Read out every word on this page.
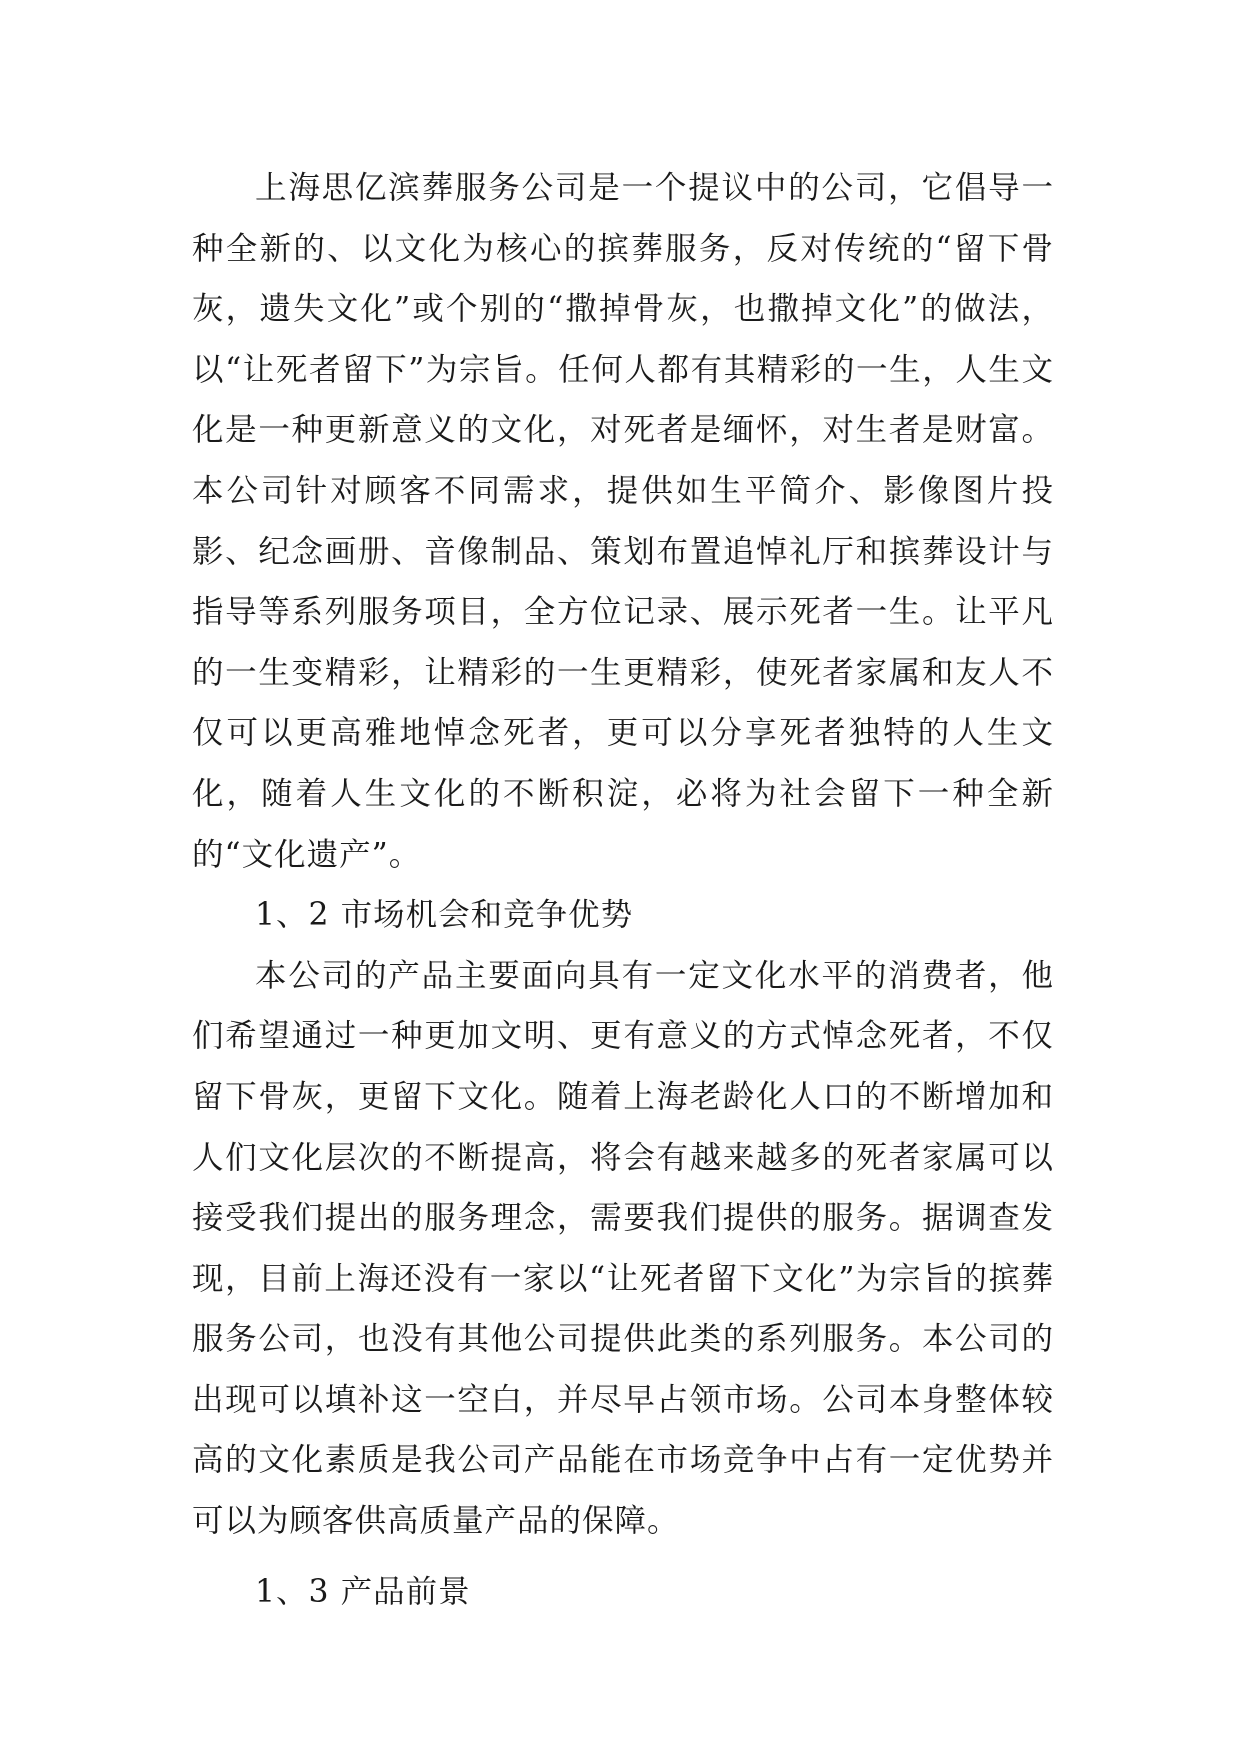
上海思亿滨葬服务公司是一个提议中的公司，它倡导一种全新的、以文化为核心的摈葬服务，反对传统的“留下骨灰，遗失文化”或个别的“撒掉骨灰，也撒掉文化”的做法，以“让死者留下”为宗旨。任何人都有其精彩的一生，人生文化是一种更新意义的文化，对死者是缅怀，对生者是财富。本公司针对顾客不同需求，提供如生平简介、影像图片投影、纪念画册、音像制品、策划布置追悼礼厅和摈葬设计与指导等系列服务项目，全方位记录、展示死者一生。让平凡的一生变精彩，让精彩的一生更精彩，使死者家属和友人不仅可以更高雅地悼念死者，更可以分享死者独特的人生文化，随着人生文化的不断积淀，必将为社会留下一种全新的“文化遗产”。

1、2 市场机会和竞争优势

本公司的产品主要面向具有一定文化水平的消费者，他们希望通过一种更加文明、更有意义的方式悼念死者，不仅留下骨灰，更留下文化。随着上海老龄化人口的不断增加和人们文化层次的不断提高，将会有越来越多的死者家属可以接受我们提出的服务理念，需要我们提供的服务。据调查发现，目前上海还没有一家以“让死者留下文化”为宗旨的摈葬服务公司，也没有其他公司提供此类的系列服务。本公司的出现可以填补这一空白，并尽早占领市场。公司本身整体较高的文化素质是我公司产品能在市场竞争中占有一定优势并可以为顾客供高质量产品的保障。

1、3 产品前景
